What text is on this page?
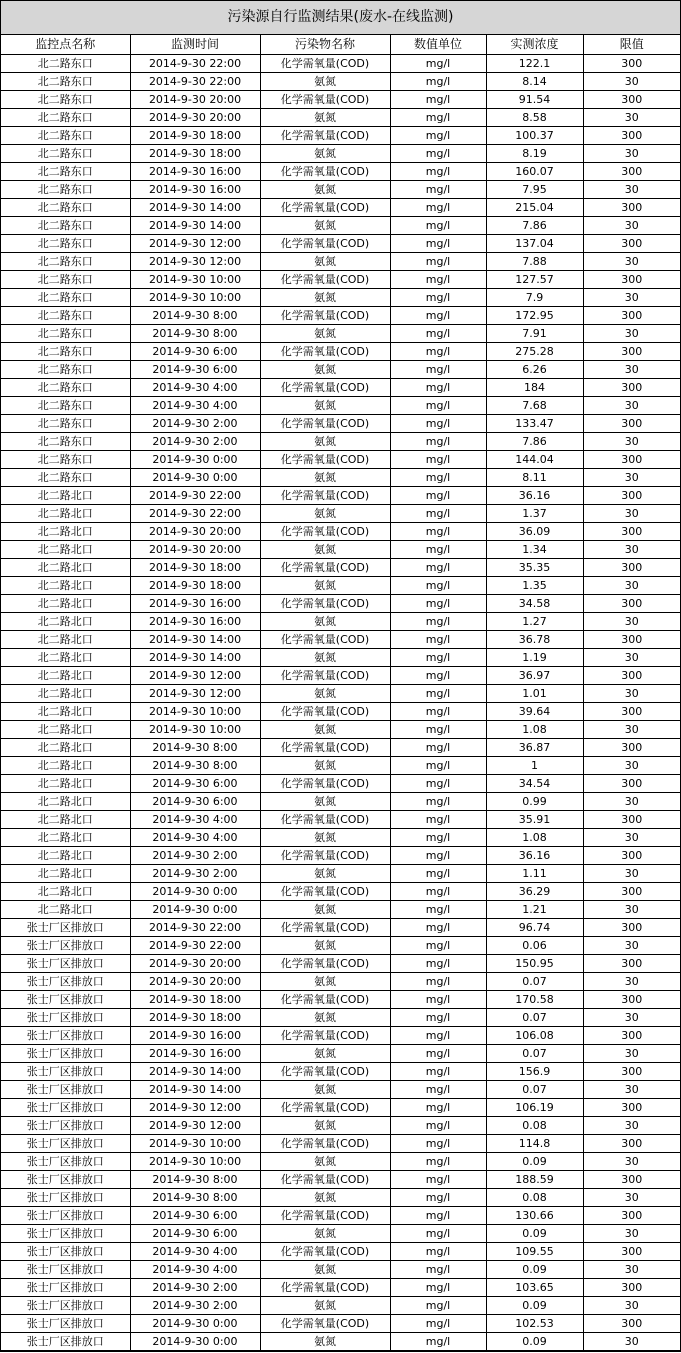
污染源自行监测结果(废水-在线监测)
监控点名称	监测时间	污染物名称	数值单位	实测浓度	限值
北二路东口	2014-9-30 22:00	化学需氧量(COD)	mg/l	122.1	300
北二路东口	2014-9-30 22:00	氨氮	mg/l	8.14	30
北二路东口	2014-9-30 20:00	化学需氧量(COD)	mg/l	91.54	300
北二路东口	2014-9-30 20:00	氨氮	mg/l	8.58	30
北二路东口	2014-9-30 18:00	化学需氧量(COD)	mg/l	100.37	300
北二路东口	2014-9-30 18:00	氨氮	mg/l	8.19	30
北二路东口	2014-9-30 16:00	化学需氧量(COD)	mg/l	160.07	300
北二路东口	2014-9-30 16:00	氨氮	mg/l	7.95	30
北二路东口	2014-9-30 14:00	化学需氧量(COD)	mg/l	215.04	300
北二路东口	2014-9-30 14:00	氨氮	mg/l	7.86	30
北二路东口	2014-9-30 12:00	化学需氧量(COD)	mg/l	137.04	300
北二路东口	2014-9-30 12:00	氨氮	mg/l	7.88	30
北二路东口	2014-9-30 10:00	化学需氧量(COD)	mg/l	127.57	300
北二路东口	2014-9-30 10:00	氨氮	mg/l	7.9	30
北二路东口	2014-9-30 8:00	化学需氧量(COD)	mg/l	172.95	300
北二路东口	2014-9-30 8:00	氨氮	mg/l	7.91	30
北二路东口	2014-9-30 6:00	化学需氧量(COD)	mg/l	275.28	300
北二路东口	2014-9-30 6:00	氨氮	mg/l	6.26	30
北二路东口	2014-9-30 4:00	化学需氧量(COD)	mg/l	184	300
北二路东口	2014-9-30 4:00	氨氮	mg/l	7.68	30
北二路东口	2014-9-30 2:00	化学需氧量(COD)	mg/l	133.47	300
北二路东口	2014-9-30 2:00	氨氮	mg/l	7.86	30
北二路东口	2014-9-30 0:00	化学需氧量(COD)	mg/l	144.04	300
北二路东口	2014-9-30 0:00	氨氮	mg/l	8.11	30
北二路北口	2014-9-30 22:00	化学需氧量(COD)	mg/l	36.16	300
北二路北口	2014-9-30 22:00	氨氮	mg/l	1.37	30
北二路北口	2014-9-30 20:00	化学需氧量(COD)	mg/l	36.09	300
北二路北口	2014-9-30 20:00	氨氮	mg/l	1.34	30
北二路北口	2014-9-30 18:00	化学需氧量(COD)	mg/l	35.35	300
北二路北口	2014-9-30 18:00	氨氮	mg/l	1.35	30
北二路北口	2014-9-30 16:00	化学需氧量(COD)	mg/l	34.58	300
北二路北口	2014-9-30 16:00	氨氮	mg/l	1.27	30
北二路北口	2014-9-30 14:00	化学需氧量(COD)	mg/l	36.78	300
北二路北口	2014-9-30 14:00	氨氮	mg/l	1.19	30
北二路北口	2014-9-30 12:00	化学需氧量(COD)	mg/l	36.97	300
北二路北口	2014-9-30 12:00	氨氮	mg/l	1.01	30
北二路北口	2014-9-30 10:00	化学需氧量(COD)	mg/l	39.64	300
北二路北口	2014-9-30 10:00	氨氮	mg/l	1.08	30
北二路北口	2014-9-30 8:00	化学需氧量(COD)	mg/l	36.87	300
北二路北口	2014-9-30 8:00	氨氮	mg/l	1	30
北二路北口	2014-9-30 6:00	化学需氧量(COD)	mg/l	34.54	300
北二路北口	2014-9-30 6:00	氨氮	mg/l	0.99	30
北二路北口	2014-9-30 4:00	化学需氧量(COD)	mg/l	35.91	300
北二路北口	2014-9-30 4:00	氨氮	mg/l	1.08	30
北二路北口	2014-9-30 2:00	化学需氧量(COD)	mg/l	36.16	300
北二路北口	2014-9-30 2:00	氨氮	mg/l	1.11	30
北二路北口	2014-9-30 0:00	化学需氧量(COD)	mg/l	36.29	300
北二路北口	2014-9-30 0:00	氨氮	mg/l	1.21	30
张士厂区排放口	2014-9-30 22:00	化学需氧量(COD)	mg/l	96.74	300
张士厂区排放口	2014-9-30 22:00	氨氮	mg/l	0.06	30
张士厂区排放口	2014-9-30 20:00	化学需氧量(COD)	mg/l	150.95	300
张士厂区排放口	2014-9-30 20:00	氨氮	mg/l	0.07	30
张士厂区排放口	2014-9-30 18:00	化学需氧量(COD)	mg/l	170.58	300
张士厂区排放口	2014-9-30 18:00	氨氮	mg/l	0.07	30
张士厂区排放口	2014-9-30 16:00	化学需氧量(COD)	mg/l	106.08	300
张士厂区排放口	2014-9-30 16:00	氨氮	mg/l	0.07	30
张士厂区排放口	2014-9-30 14:00	化学需氧量(COD)	mg/l	156.9	300
张士厂区排放口	2014-9-30 14:00	氨氮	mg/l	0.07	30
张士厂区排放口	2014-9-30 12:00	化学需氧量(COD)	mg/l	106.19	300
张士厂区排放口	2014-9-30 12:00	氨氮	mg/l	0.08	30
张士厂区排放口	2014-9-30 10:00	化学需氧量(COD)	mg/l	114.8	300
张士厂区排放口	2014-9-30 10:00	氨氮	mg/l	0.09	30
张士厂区排放口	2014-9-30 8:00	化学需氧量(COD)	mg/l	188.59	300
张士厂区排放口	2014-9-30 8:00	氨氮	mg/l	0.08	30
张士厂区排放口	2014-9-30 6:00	化学需氧量(COD)	mg/l	130.66	300
张士厂区排放口	2014-9-30 6:00	氨氮	mg/l	0.09	30
张士厂区排放口	2014-9-30 4:00	化学需氧量(COD)	mg/l	109.55	300
张士厂区排放口	2014-9-30 4:00	氨氮	mg/l	0.09	30
张士厂区排放口	2014-9-30 2:00	化学需氧量(COD)	mg/l	103.65	300
张士厂区排放口	2014-9-30 2:00	氨氮	mg/l	0.09	30
张士厂区排放口	2014-9-30 0:00	化学需氧量(COD)	mg/l	102.53	300
张士厂区排放口	2014-9-30 0:00	氨氮	mg/l	0.09	30
